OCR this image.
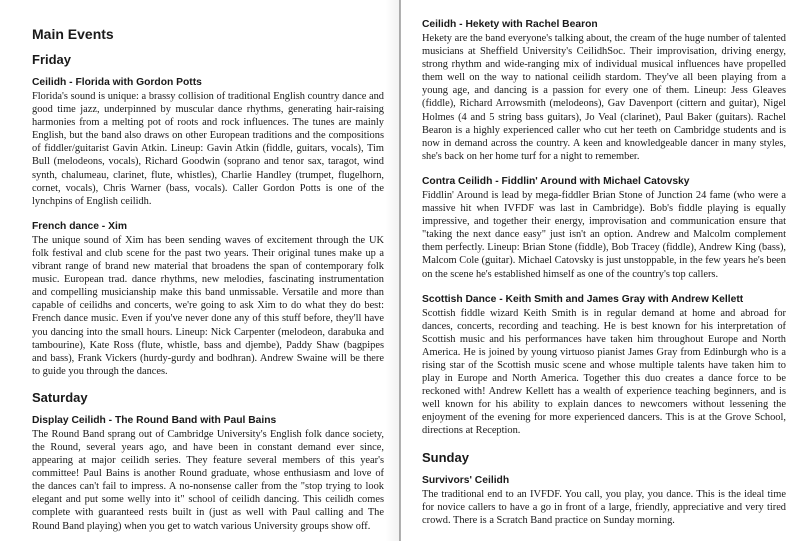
Main Events
Friday
Ceilidh - Florida with Gordon Potts

Florida's sound is unique: a brassy collision of traditional English country dance and good time jazz, underpinned by muscular dance rhythms, generating hair-raising harmonies from a melting pot of roots and rock influences. The tunes are mainly English, but the band also draws on other European traditions and the compositions of fiddler/guitarist Gavin Atkin. Lineup: Gavin Atkin (fiddle, guitars, vocals), Tim Bull (melodeons, vocals), Richard Goodwin (soprano and tenor sax, taragot, wind synth, chalumeau, clarinet, flute, whistles), Charlie Handley (trumpet, flugelhorn, cornet, vocals), Chris Warner (bass, vocals). Caller Gordon Potts is one of the lynchpins of English ceilidh.

French dance - Xim

The unique sound of Xim has been sending waves of excitement through the UK folk festival and club scene for the past two years. Their original tunes make up a vibrant range of brand new material that broadens the span of contemporary folk music. European trad. dance rhythms, new melodies, fascinating instrumentation and compelling musicianship make this band unmissable. Versatile and more than capable of ceilidhs and concerts, we're going to ask Xim to do what they do best: French dance music. Even if you've never done any of this stuff before, they'll have you dancing into the small hours. Lineup: Nick Carpenter (melodeon, darabuka and tambourine), Kate Ross (flute, whistle, bass and djembe), Paddy Shaw (bagpipes and bass), Frank Vickers (hurdy-gurdy and bodhran). Andrew Swaine will be there to guide you through the dances.

Saturday
Display Ceilidh - The Round Band with Paul Bains

The Round Band sprang out of Cambridge University's English folk dance society, the Round, several years ago, and have been in constant demand ever since, appearing at major ceilidh series. They feature several members of this year's committee! Paul Bains is another Round graduate, whose enthusiasm and love of the dances can't fail to impress. A no-nonsense caller from the "stop trying to look elegant and put some welly into it" school of ceilidh dancing. This ceilidh comes complete with guaranteed rests built in (just as well with Paul calling and The Round Band playing) when you get to watch various University groups show off.

Ceilidh - Hekety with Rachel Bearon

Hekety are the band everyone's talking about, the cream of the huge number of talented musicians at Sheffield University's CeilidhSoc. Their improvisation, driving energy, strong rhythm and wide-ranging mix of individual musical influences have propelled them well on the way to national ceilidh stardom. They've all been playing from a young age, and dancing is a passion for every one of them. Lineup: Jess Gleaves (fiddle), Richard Arrowsmith (melodeons), Gav Davenport (cittern and guitar), Nigel Holmes (4 and 5 string bass guitars), Jo Veal (clarinet), Paul Baker (guitars). Rachel Bearon is a highly experienced caller who cut her teeth on Cambridge students and is now in demand across the country. A keen and knowledgeable dancer in many styles, she's back on her home turf for a night to remember.

Contra Ceilidh - Fiddlin' Around with Michael Catovsky

Fiddlin' Around is lead by mega-fiddler Brian Stone of Junction 24 fame (who were a massive hit when IVFDF was last in Cambridge). Bob's fiddle playing is equally impressive, and together their energy, improvisation and communication ensure that "taking the next dance easy" just isn't an option. Andrew and Malcolm complement them perfectly. Lineup: Brian Stone (fiddle), Bob Tracey (fiddle), Andrew King (bass), Malcom Cole (guitar). Michael Catovsky is just unstoppable, in the few years he's been on the scene he's established himself as one of the country's top callers.

Scottish Dance - Keith Smith and James Gray with Andrew Kellett

Scottish fiddle wizard Keith Smith is in regular demand at home and abroad for dances, concerts, recording and teaching. He is best known for his interpretation of Scottish music and his performances have taken him throughout Europe and North America. He is joined by young virtuoso pianist James Gray from Edinburgh who is a rising star of the Scottish music scene and whose multiple talents have taken him to play in Europe and North America. Together this duo creates a dance force to be reckoned with! Andrew Kellett has a wealth of experience teaching beginners, and is well known for his ability to explain dances to newcomers without lessening the enjoyment of the evening for more experienced dancers. This is at the Grove School, directions at Reception.

Sunday
Survivors' Ceilidh

The traditional end to an IVFDF. You call, you play, you dance. This is the ideal time for novice callers to have a go in front of a large, friendly, appreciative and very tired crowd. There is a Scratch Band practice on Sunday morning.
